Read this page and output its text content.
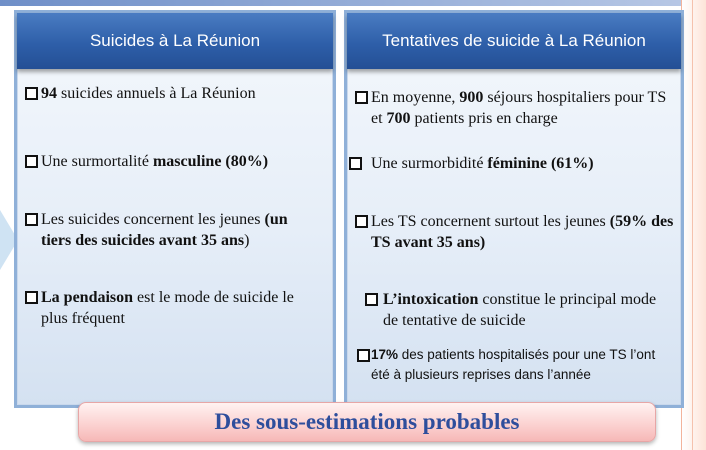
Suicides à La Réunion
94 suicides annuels à La Réunion
Une surmortalité masculine (80%)
Les suicides concernent les jeunes (un tiers des suicides avant 35 ans)
La pendaison est le mode de suicide le plus fréquent
Tentatives de suicide à La Réunion
En moyenne, 900 séjours hospitaliers pour TS et 700 patients pris en charge
Une surmorbidité féminine (61%)
Les TS concernent surtout les jeunes (59% des TS avant 35 ans)
L’intoxication constitue le principal mode de tentative de suicide
17% des patients hospitalisés pour une TS l’ont été à plusieurs reprises dans l’année
Des sous-estimations probables
